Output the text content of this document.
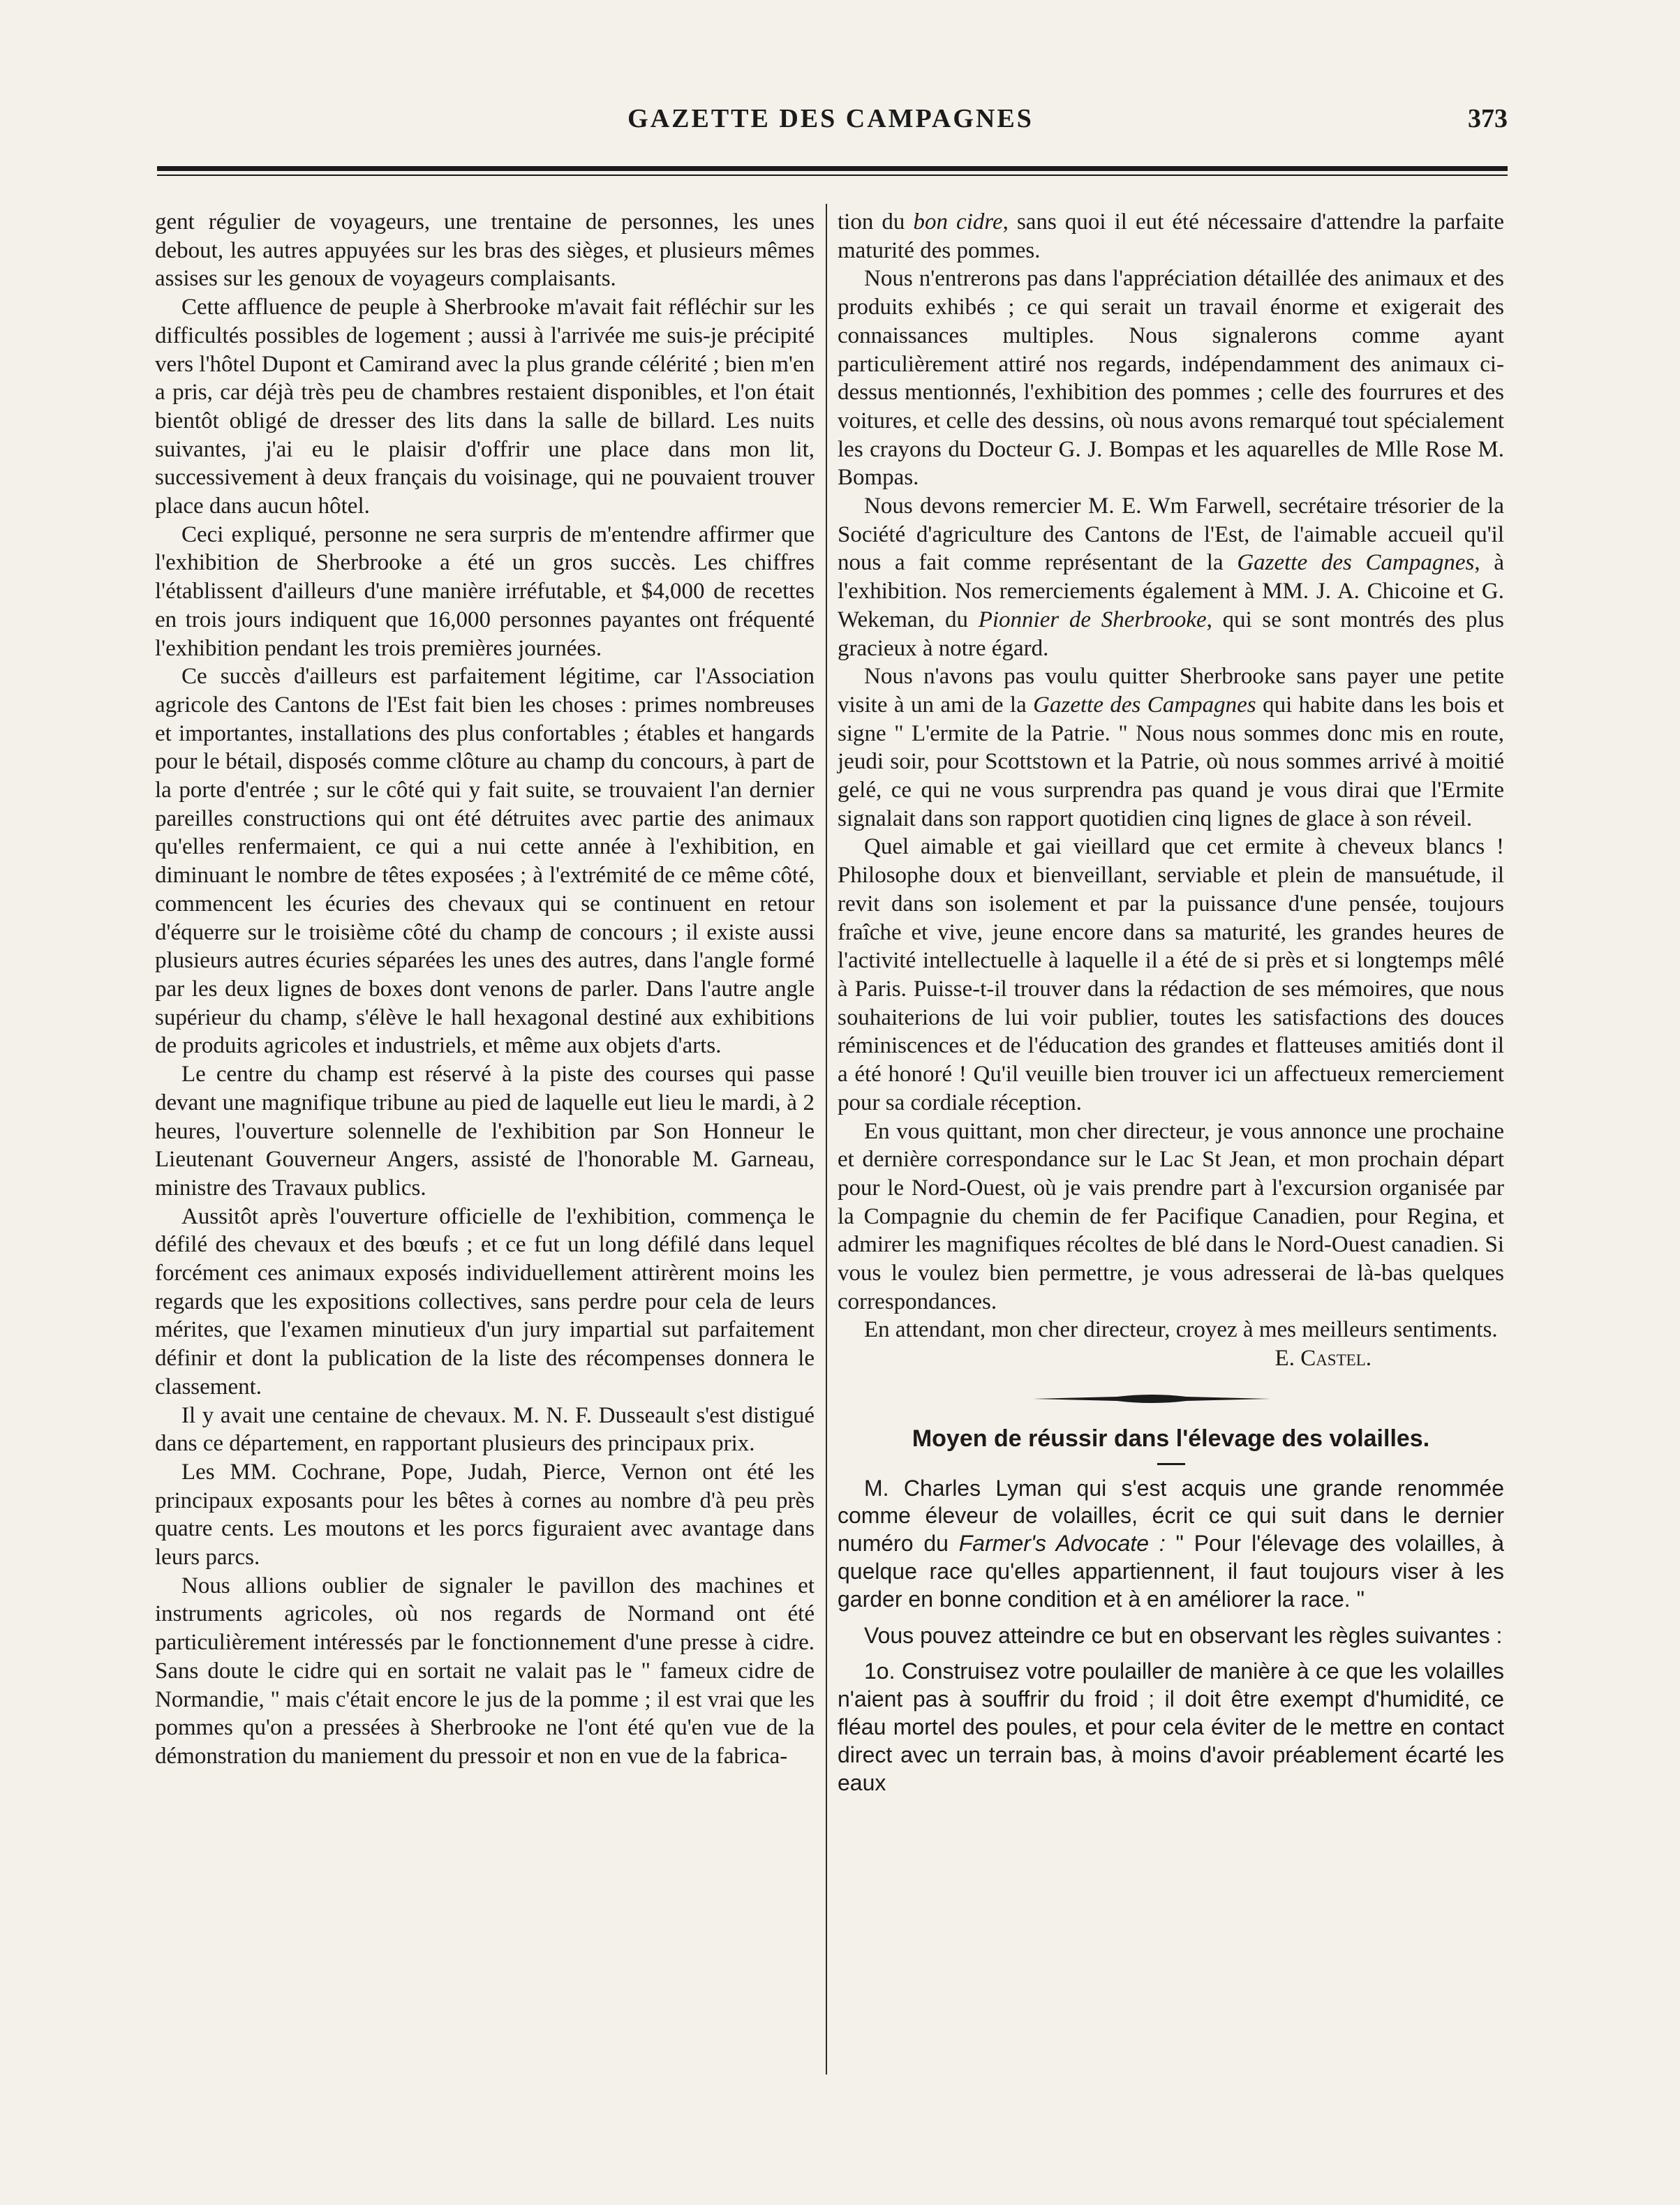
GAZETTE DES CAMPAGNES	373

gent régulier de voyageurs, une trentaine de personnes, les unes debout, les autres appuyées sur les bras des sièges, et plusieurs mêmes assises sur les genoux de voyageurs complaisants.

Cette affluence de peuple à Sherbrooke m'avait fait réfléchir sur les difficultés possibles de logement ; aussi à l'arrivée me suis-je précipité vers l'hôtel Dupont et Camirand avec la plus grande célérité ; bien m'en a pris, car déjà très peu de chambres restaient disponibles, et l'on était bientôt obligé de dresser des lits dans la salle de billard. Les nuits suivantes, j'ai eu le plaisir d'offrir une place dans mon lit, successivement à deux français du voisinage, qui ne pouvaient trouver place dans aucun hôtel.

Ceci expliqué, personne ne sera surpris de m'entendre affirmer que l'exhibition de Sherbrooke a été un gros succès. Les chiffres l'établissent d'ailleurs d'une manière irréfutable, et $4,000 de recettes en trois jours indiquent que 16,000 personnes payantes ont fréquenté l'exhibition pendant les trois premières journées.

Ce succès d'ailleurs est parfaitement légitime, car l'Association agricole des Cantons de l'Est fait bien les choses : primes nombreuses et importantes, installations des plus confortables ; étables et hangards pour le bétail, disposés comme clôture au champ du concours, à part de la porte d'entrée ; sur le côté qui y fait suite, se trouvaient l'an dernier pareilles constructions qui ont été détruites avec partie des animaux qu'elles renfermaient, ce qui a nui cette année à l'exhibition, en diminuant le nombre de têtes exposées ; à l'extrémité de ce même côté, commencent les écuries des chevaux qui se continuent en retour d'équerre sur le troisième côté du champ de concours ; il existe aussi plusieurs autres écuries séparées les unes des autres, dans l'angle formé par les deux lignes de boxes dont venons de parler. Dans l'autre angle supérieur du champ, s'élève le hall hexagonal destiné aux exhibitions de produits agricoles et industriels, et même aux objets d'arts.

Le centre du champ est réservé à la piste des courses qui passe devant une magnifique tribune au pied de laquelle eut lieu le mardi, à 2 heures, l'ouverture solennelle de l'exhibition par Son Honneur le Lieutenant Gouverneur Angers, assisté de l'honorable M. Garneau, ministre des Travaux publics.

Aussitôt après l'ouverture officielle de l'exhibition, commença le défilé des chevaux et des bœufs ; et ce fut un long défilé dans lequel forcément ces animaux exposés individuellement attirèrent moins les regards que les expositions collectives, sans perdre pour cela de leurs mérites, que l'examen minutieux d'un jury impartial sut parfaitement définir et dont la publication de la liste des récompenses donnera le classement.

Il y avait une centaine de chevaux. M. N. F. Dusseault s'est distigué dans ce département, en rapportant plusieurs des principaux prix.

Les MM. Cochrane, Pope, Judah, Pierce, Vernon ont été les principaux exposants pour les bêtes à cornes au nombre d'à peu près quatre cents. Les moutons et les porcs figuraient avec avantage dans leurs parcs.

Nous allions oublier de signaler le pavillon des machines et instruments agricoles, où nos regards de Normand ont été particulièrement intéressés par le fonctionnement d'une presse à cidre. Sans doute le cidre qui en sortait ne valait pas le " fameux cidre de Normandie, " mais c'était encore le jus de la pomme ; il est vrai que les pommes qu'on a pressées à Sherbrooke ne l'ont été qu'en vue de la démonstration du maniement du pressoir et non en vue de la fabrica-

tion du bon cidre, sans quoi il eut été nécessaire d'attendre la parfaite maturité des pommes.

Nous n'entrerons pas dans l'appréciation détaillée des animaux et des produits exhibés ; ce qui serait un travail énorme et exigerait des connaissances multiples. Nous signalerons comme ayant particulièrement attiré nos regards, indépendamment des animaux ci-dessus mentionnés, l'exhibition des pommes ; celle des fourrures et des voitures, et celle des dessins, où nous avons remarqué tout spécialement les crayons du Docteur G. J. Bompas et les aquarelles de Mlle Rose M. Bompas.

Nous devons remercier M. E. Wm Farwell, secrétaire trésorier de la Société d'agriculture des Cantons de l'Est, de l'aimable accueil qu'il nous a fait comme représentant de la Gazette des Campagnes, à l'exhibition. Nos remerciements également à MM. J. A. Chicoine et G. Wekeman, du Pionnier de Sherbrooke, qui se sont montrés des plus gracieux à notre égard.

Nous n'avons pas voulu quitter Sherbrooke sans payer une petite visite à un ami de la Gazette des Campagnes qui habite dans les bois et signe " L'ermite de la Patrie. " Nous nous sommes donc mis en route, jeudi soir, pour Scottstown et la Patrie, où nous sommes arrivé à moitié gelé, ce qui ne vous surprendra pas quand je vous dirai que l'Ermite signalait dans son rapport quotidien cinq lignes de glace à son réveil.

Quel aimable et gai vieillard que cet ermite à cheveux blancs ! Philosophe doux et bienveillant, serviable et plein de mansuétude, il revit dans son isolement et par la puissance d'une pensée, toujours fraîche et vive, jeune encore dans sa maturité, les grandes heures de l'activité intellectuelle à laquelle il a été de si près et si longtemps mêlé à Paris. Puisse-t-il trouver dans la rédaction de ses mémoires, que nous souhaiterions de lui voir publier, toutes les satisfactions des douces réminiscences et de l'éducation des grandes et flatteuses amitiés dont il a été honoré ! Qu'il veuille bien trouver ici un affectueux remerciement pour sa cordiale réception.

En vous quittant, mon cher directeur, je vous annonce une prochaine et dernière correspondance sur le Lac St Jean, et mon prochain départ pour le Nord-Ouest, où je vais prendre part à l'excursion organisée par la Compagnie du chemin de fer Pacifique Canadien, pour Regina, et admirer les magnifiques récoltes de blé dans le Nord-Ouest canadien. Si vous le voulez bien permettre, je vous adresserai de là-bas quelques correspondances.

En attendant, mon cher directeur, croyez à mes meilleurs sentiments.

E. Castel.

Moyen de réussir dans l'élevage des volailles.

M. Charles Lyman qui s'est acquis une grande renommée comme éleveur de volailles, écrit ce qui suit dans le dernier numéro du Farmer's Advocate : " Pour l'élevage des volailles, à quelque race qu'elles appartiennent, il faut toujours viser à les garder en bonne condition et à en améliorer la race. "

Vous pouvez atteindre ce but en observant les règles suivantes :

1o. Construisez votre poulailler de manière à ce que les volailles n'aient pas à souffrir du froid ; il doit être exempt d'humidité, ce fléau mortel des poules, et pour cela éviter de le mettre en contact direct avec un terrain bas, à moins d'avoir préablement écarté les eaux
